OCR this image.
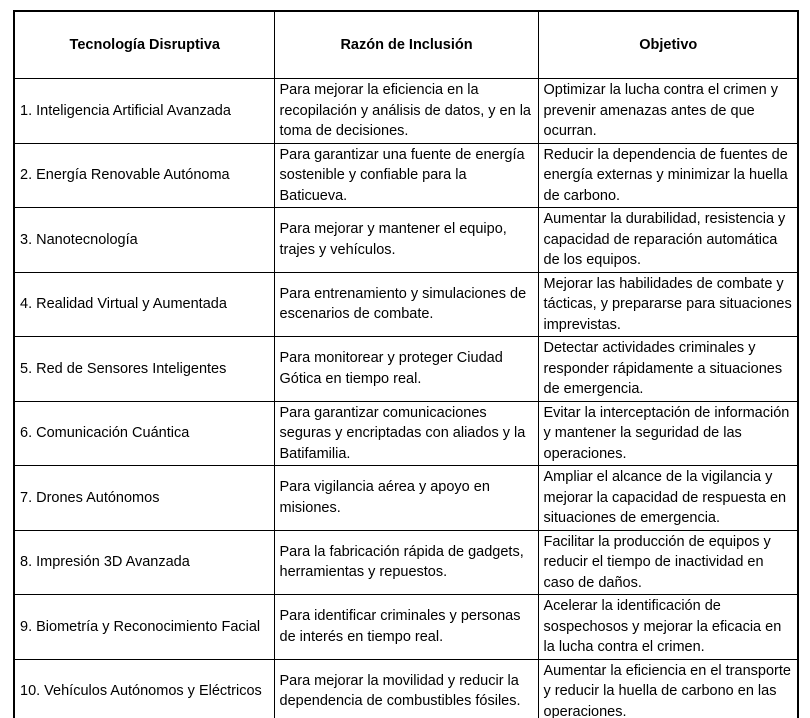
Tecnología Disruptiva	Razón de Inclusión	Objetivo
1. Inteligencia Artificial Avanzada	Para mejorar la eficiencia en la recopilación y análisis de datos, y en la toma de decisiones.	Optimizar la lucha contra el crimen y prevenir amenazas antes de que ocurran.
2. Energía Renovable Autónoma	Para garantizar una fuente de energía sostenible y confiable para la Baticueva.	Reducir la dependencia de fuentes de energía externas y minimizar la huella de carbono.
3. Nanotecnología	Para mejorar y mantener el equipo, trajes y vehículos.	Aumentar la durabilidad, resistencia y capacidad de reparación automática de los equipos.
4. Realidad Virtual y Aumentada	Para entrenamiento y simulaciones de escenarios de combate.	Mejorar las habilidades de combate y tácticas, y prepararse para situaciones imprevistas.
5. Red de Sensores Inteligentes	Para monitorear y proteger Ciudad Gótica en tiempo real.	Detectar actividades criminales y responder rápidamente a situaciones de emergencia.
6. Comunicación Cuántica	Para garantizar comunicaciones seguras y encriptadas con aliados y la Batifamilia.	Evitar la interceptación de información y mantener la seguridad de las operaciones.
7. Drones Autónomos	Para vigilancia aérea y apoyo en misiones.	Ampliar el alcance de la vigilancia y mejorar la capacidad de respuesta en situaciones de emergencia.
8. Impresión 3D Avanzada	Para la fabricación rápida de gadgets, herramientas y repuestos.	Facilitar la producción de equipos y reducir el tiempo de inactividad en caso de daños.
9. Biometría y Reconocimiento Facial	Para identificar criminales y personas de interés en tiempo real.	Acelerar la identificación de sospechosos y mejorar la eficacia en la lucha contra el crimen.
10. Vehículos Autónomos y Eléctricos	Para mejorar la movilidad y reducir la dependencia de combustibles fósiles.	Aumentar la eficiencia en el transporte y reducir la huella de carbono en las operaciones.
